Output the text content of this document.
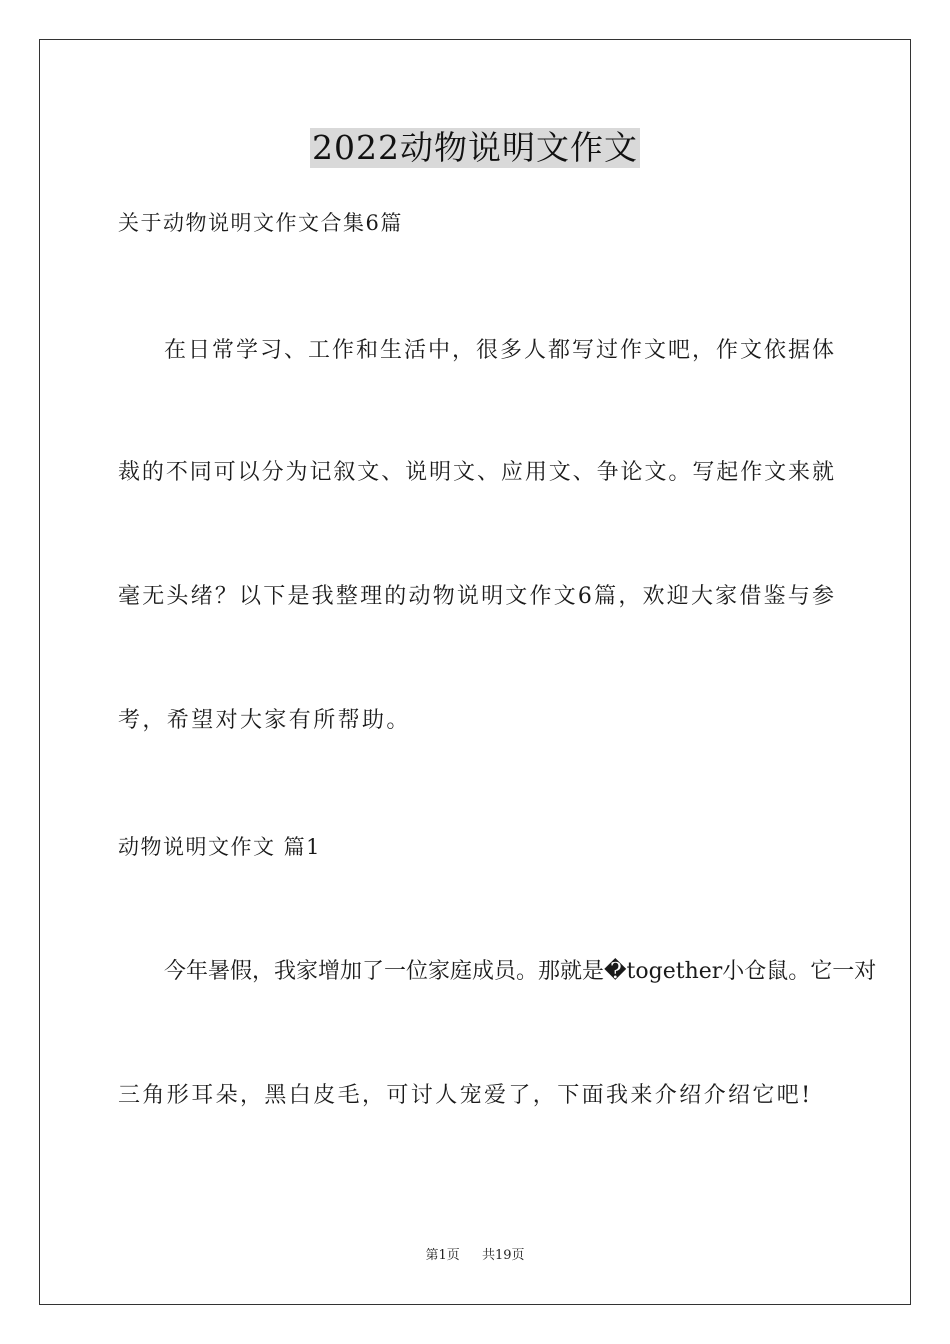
2022动物说明文作文
关于动物说明文作文合集6篇
在日常学习、工作和生活中，很多人都写过作文吧，作文依据体
裁的不同可以分为记叙文、说明文、应用文、争论文。写起作文来就
毫无头绪？以下是我整理的动物说明文作文6篇，欢迎大家借鉴与参
考，希望对大家有所帮助。
动物说明文作文 篇1
今年暑假，我家增加了一位家庭成员。那就是�together小仓鼠。它一对
三角形耳朵，黑白皮毛，可讨人宠爱了，下面我来介绍介绍它吧!
第1页 共19页
